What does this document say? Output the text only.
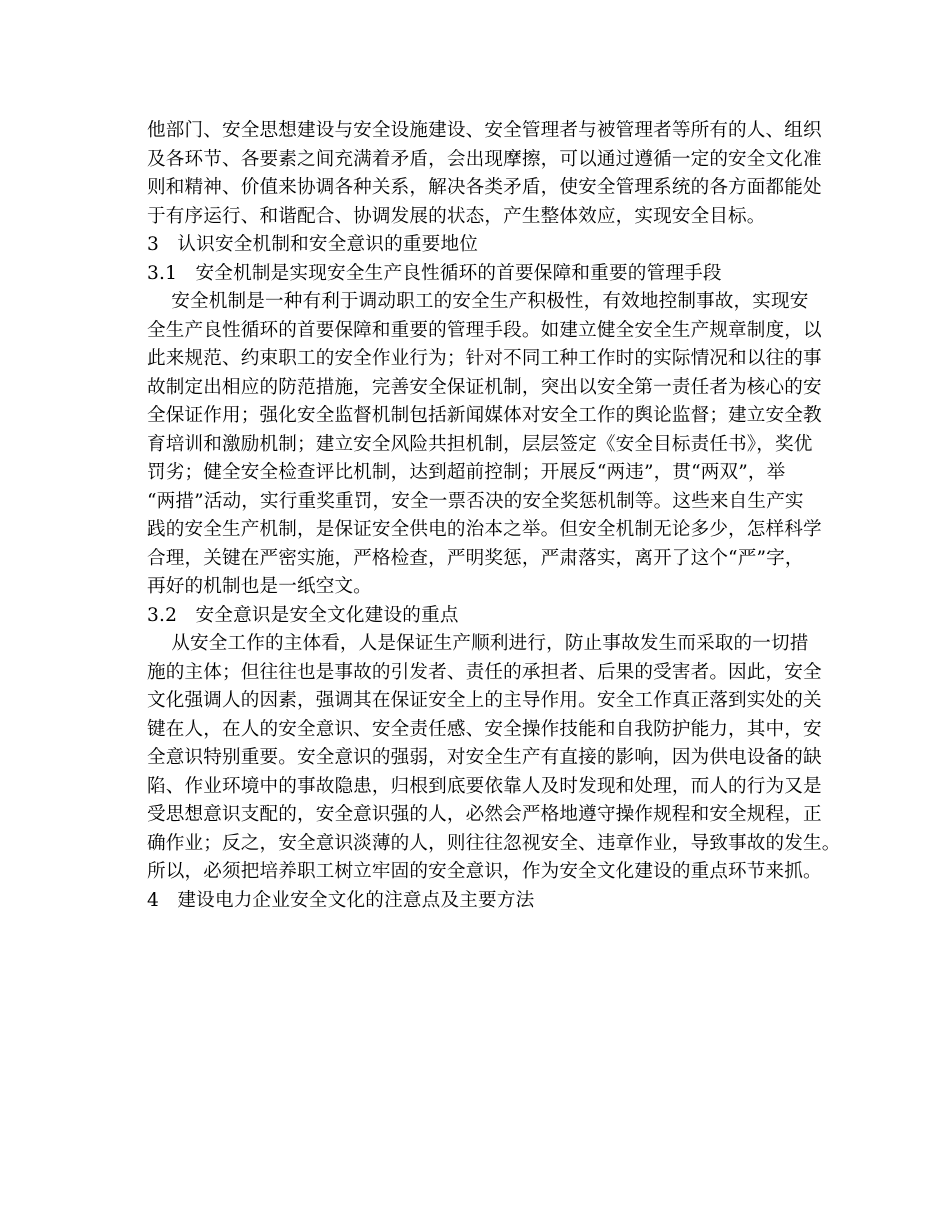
他部门、安全思想建设与安全设施建设、安全管理者与被管理者等所有的人、组织
及各环节、各要素之间充满着矛盾，会出现摩擦，可以通过遵循一定的安全文化准
则和精神、价值来协调各种关系，解决各类矛盾，使安全管理系统的各方面都能处
于有序运行、和谐配合、协调发展的状态，产生整体效应，实现安全目标。
3   认识安全机制和安全意识的重要地位
3.1   安全机制是实现安全生产良性循环的首要保障和重要的管理手段
安全机制是一种有利于调动职工的安全生产积极性，有效地控制事故，实现安
全生产良性循环的首要保障和重要的管理手段。如建立健全安全生产规章制度，以
此来规范、约束职工的安全作业行为；针对不同工种工作时的实际情况和以往的事
故制定出相应的防范措施，完善安全保证机制，突出以安全第一责任者为核心的安
全保证作用；强化安全监督机制包括新闻媒体对安全工作的舆论监督；建立安全教
育培训和激励机制；建立安全风险共担机制，层层签定《安全目标责任书》，奖优
罚劣；健全安全检查评比机制，达到超前控制；开展反“两违”，贯“两双”，举
“两措”活动，实行重奖重罚，安全一票否决的安全奖惩机制等。这些来自生产实
践的安全生产机制，是保证安全供电的治本之举。但安全机制无论多少，怎样科学
合理，关键在严密实施，严格检查，严明奖惩，严肃落实，离开了这个“严”字，
再好的机制也是一纸空文。
3.2   安全意识是安全文化建设的重点
从安全工作的主体看，人是保证生产顺利进行，防止事故发生而采取的一切措
施的主体；但往往也是事故的引发者、责任的承担者、后果的受害者。因此，安全
文化强调人的因素，强调其在保证安全上的主导作用。安全工作真正落到实处的关
键在人，在人的安全意识、安全责任感、安全操作技能和自我防护能力，其中，安
全意识特别重要。安全意识的强弱，对安全生产有直接的影响，因为供电设备的缺
陷、作业环境中的事故隐患，归根到底要依靠人及时发现和处理，而人的行为又是
受思想意识支配的，安全意识强的人，必然会严格地遵守操作规程和安全规程，正
确作业；反之，安全意识淡薄的人，则往往忽视安全、违章作业，导致事故的发生。
所以，必须把培养职工树立牢固的安全意识，作为安全文化建设的重点环节来抓。
4   建设电力企业安全文化的注意点及主要方法
